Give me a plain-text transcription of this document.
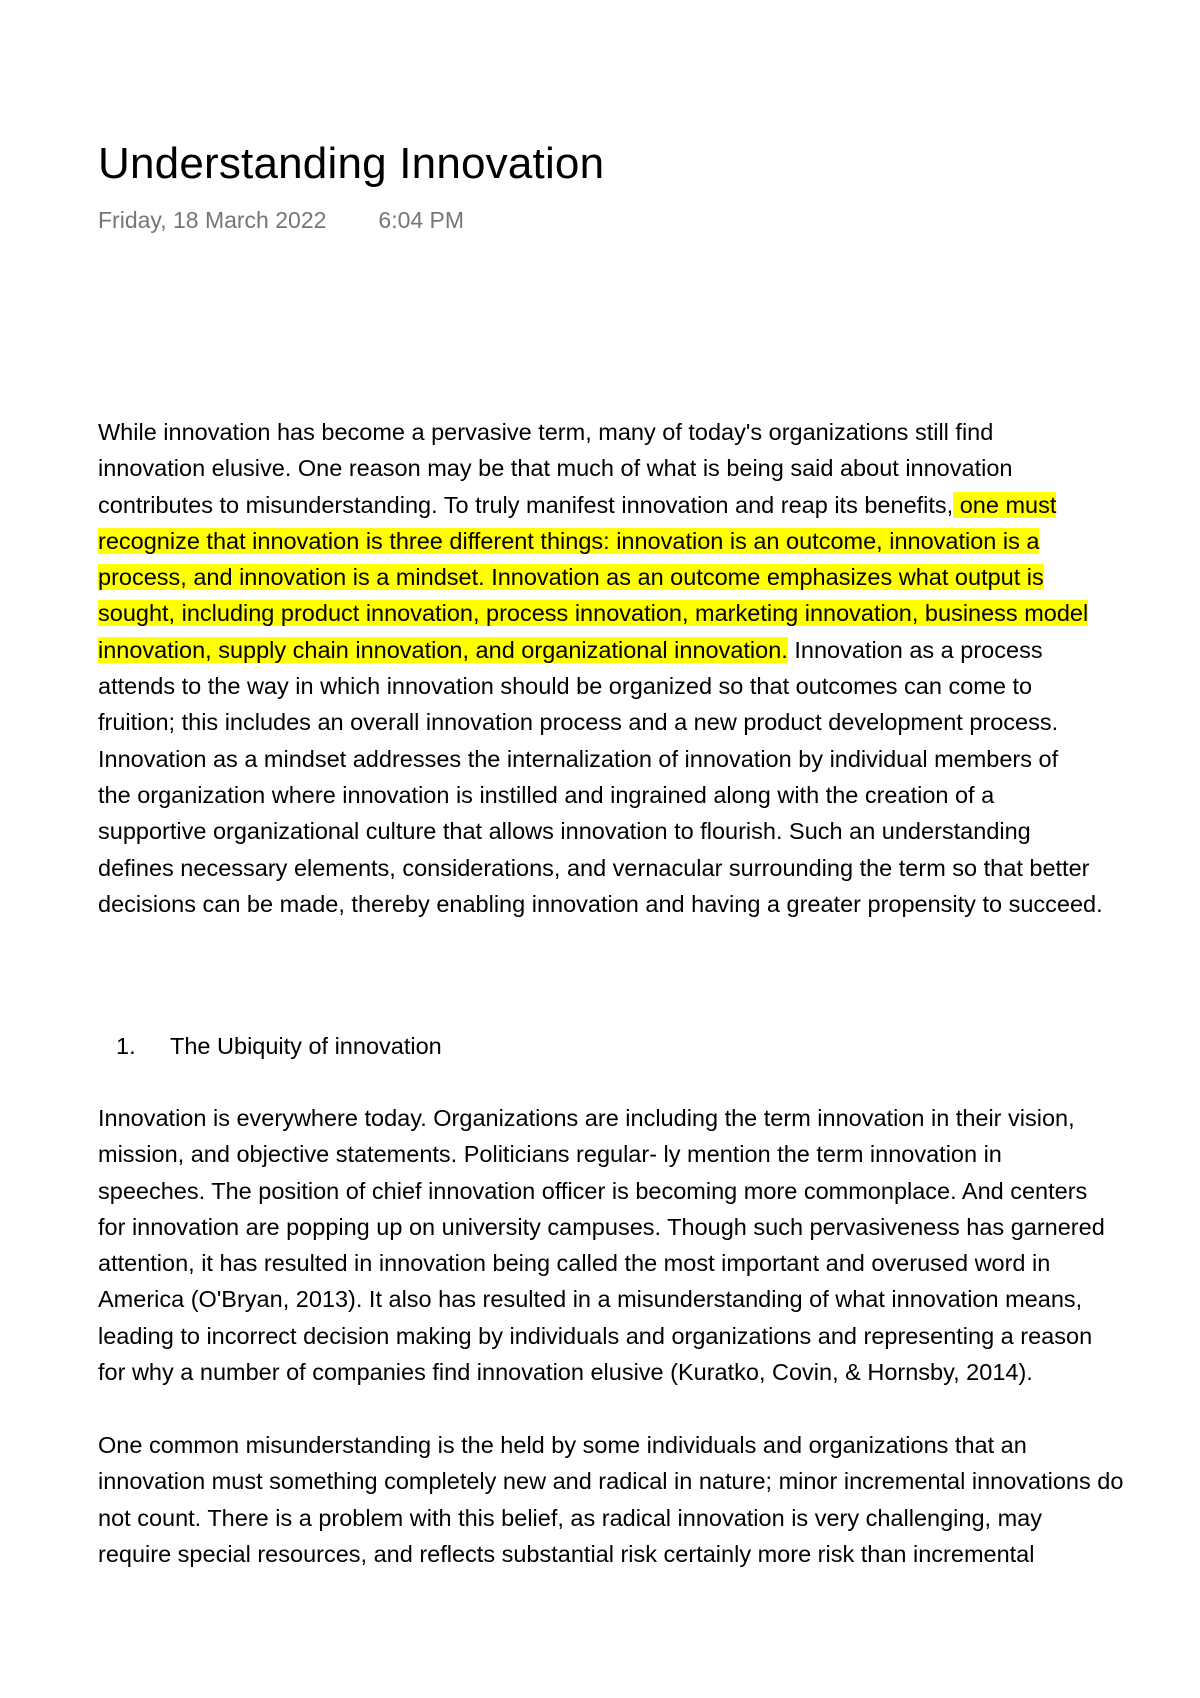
Understanding Innovation
Friday, 18 March 2022 6:04 PM
While innovation has become a pervasive term, many of today's organizations still find
innovation elusive. One reason may be that much of what is being said about innovation
contributes to misunderstanding. To truly manifest innovation and reap its benefits, one must
recognize that innovation is three different things: innovation is an outcome, innovation is a
process, and innovation is a mindset. Innovation as an outcome emphasizes what output is
sought, including product innovation, process innovation, marketing innovation, business model
innovation, supply chain innovation, and organizational innovation. Innovation as a process
attends to the way in which innovation should be organized so that outcomes can come to
fruition; this includes an overall innovation process and a new product development process.
Innovation as a mindset addresses the internalization of innovation by individual members of
the organization where innovation is instilled and ingrained along with the creation of a
supportive organizational culture that allows innovation to flourish. Such an understanding
defines necessary elements, considerations, and vernacular surrounding the term so that better
decisions can be made, thereby enabling innovation and having a greater propensity to succeed.
1. The Ubiquity of innovation
Innovation is everywhere today. Organizations are including the term innovation in their vision,
mission, and objective statements. Politicians regular- ly mention the term innovation in
speeches. The position of chief innovation officer is becoming more commonplace. And centers
for innovation are popping up on university campuses. Though such pervasiveness has garnered
attention, it has resulted in innovation being called the most important and overused word in
America (O'Bryan, 2013). It also has resulted in a misunderstanding of what innovation means,
leading to incorrect decision making by individuals and organizations and representing a reason
for why a number of companies find innovation elusive (Kuratko, Covin, & Hornsby, 2014).
One common misunderstanding is the held by some individuals and organizations that an
innovation must something completely new and radical in nature; minor incremental innovations do
not count. There is a problem with this belief, as radical innovation is very challenging, may
require special resources, and reflects substantial risk certainly more risk than incremental
